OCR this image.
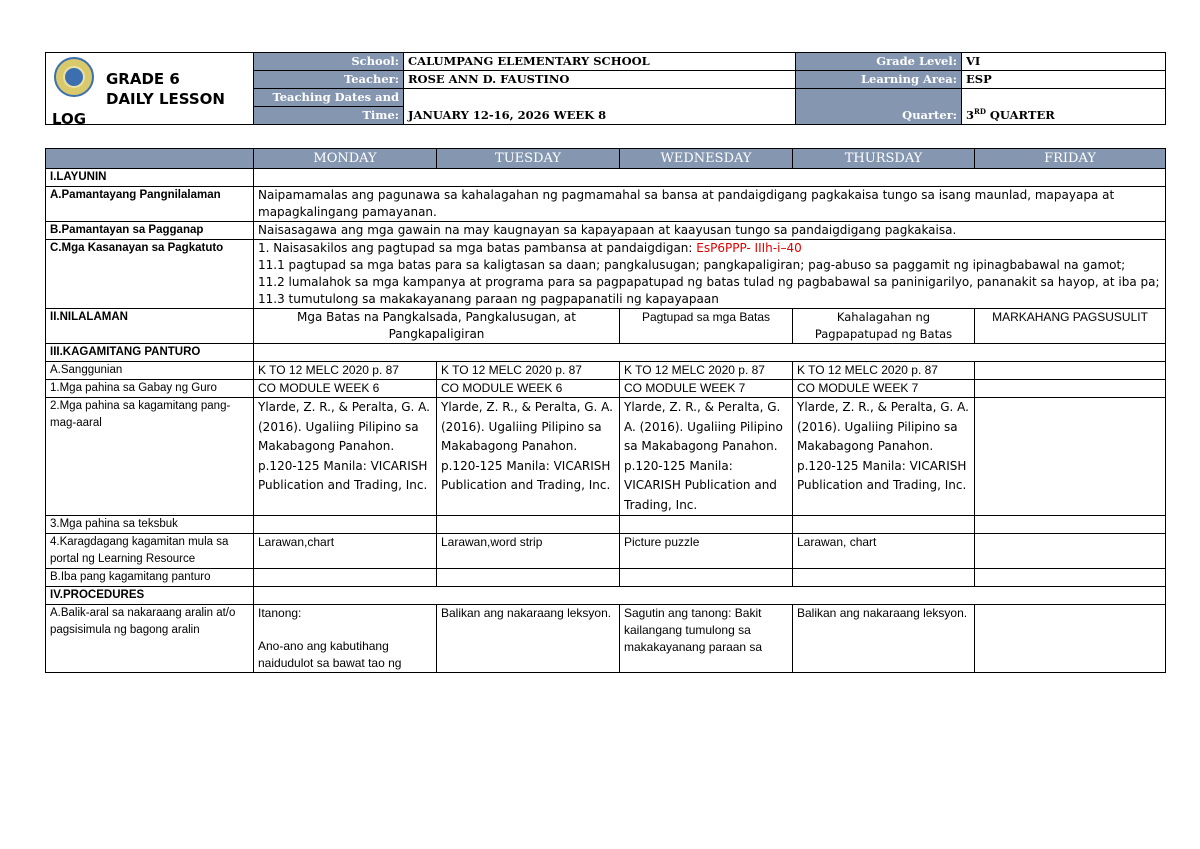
GRADE 6
DAILY LESSON
LOG	School:	CALUMPANG ELEMENTARY SCHOOL	Grade Level:	VI
	Teacher:	ROSE ANN D. FAUSTINO	Learning Area:	ESP
	Teaching Dates and	JANUARY 12-16, 2026 WEEK 8	Quarter:	3RD QUARTER
	Time:			
	MONDAY	TUESDAY	WEDNESDAY	THURSDAY	FRIDAY
I.LAYUNIN					
A.Pamantayang Pangnilalaman	Naipamamalas ang pagunawa sa kahalagahan ng pagmamahal sa bansa at pandaigdigang pagkakaisa tungo sa isang maunlad, mapayapa at mapagkalingang pamayanan.				
B.Pamantayan sa Pagganap	Naisasagawa ang mga gawain na may kaugnayan sa kapayapaan at kaayusan tungo sa pandaigdigang pagkakaisa.				
C.Mga Kasanayan sa Pagkatuto	1. Naisasakilos ang pagtupad sa mga batas pambansa at pandaigdigan: EsP6PPP- IIIh-i–40
11.1 pagtupad sa mga batas para sa kaligtasan sa daan; pangkalusugan; pangkapaligiran; pag-abuso sa paggamit ng ipinagbabawal na gamot;
11.2 lumalahok sa mga kampanya at programa para sa pagpapatupad ng batas tulad ng pagbabawal sa paninigarilyo, pananakit sa hayop, at iba pa;
11.3 tumutulong sa makakayanang paraan ng pagpapanatili ng kapayapaan				

II.NILALAMAN	Mga Batas na Pangkalsada, Pangkalusugan, at Pangkapaligiran		Pagtupad sa mga Batas	Kahalagahan ng Pagpapatupad ng Batas	MARKAHANG PAGSUSULIT
III.KAGAMITANG PANTURO					
A.Sanggunian	K TO 12 MELC 2020 p. 87	K TO 12 MELC 2020 p. 87	K TO 12 MELC 2020 p. 87	K TO 12 MELC 2020 p. 87	
1.Mga pahina sa Gabay ng Guro	CO MODULE WEEK 6	CO MODULE WEEK 6	CO MODULE WEEK 7	CO MODULE WEEK 7	
2.Mga pahina sa kagamitang pang-mag-aaral	Ylarde, Z. R., & Peralta, G. A. (2016). Ugaliing Pilipino sa Makabagong Panahon. p.120-125 Manila: VICARISH Publication and Trading, Inc.	Ylarde, Z. R., & Peralta, G. A. (2016). Ugaliing Pilipino sa Makabagong Panahon. p.120-125 Manila: VICARISH Publication and Trading, Inc.	Ylarde, Z. R., & Peralta, G. A. (2016). Ugaliing Pilipino sa Makabagong Panahon. p.120-125 Manila: VICARISH Publication and Trading, Inc.	Ylarde, Z. R., & Peralta, G. A. (2016). Ugaliing Pilipino sa Makabagong Panahon. p.120-125 Manila: VICARISH Publication and Trading, Inc.	
3.Mga pahina sa teksbuk					
4.Karagdagang kagamitan mula sa portal ng Learning Resource	Larawan,chart	Larawan,word strip	Picture puzzle	Larawan, chart	
B.Iba pang kagamitang panturo					
IV.PROCEDURES					
A.Balik-aral sa nakaraang aralin at/o pagsisimula ng bagong aralin	Itanong:
Ano-ano ang kabutihang naidudulot sa bawat tao ng	Balikan ang nakaraang leksyon.	Sagutin ang tanong: Bakit kailangang tumulong sa makakayanang paraan sa	Balikan ang nakaraang leksyon.	
